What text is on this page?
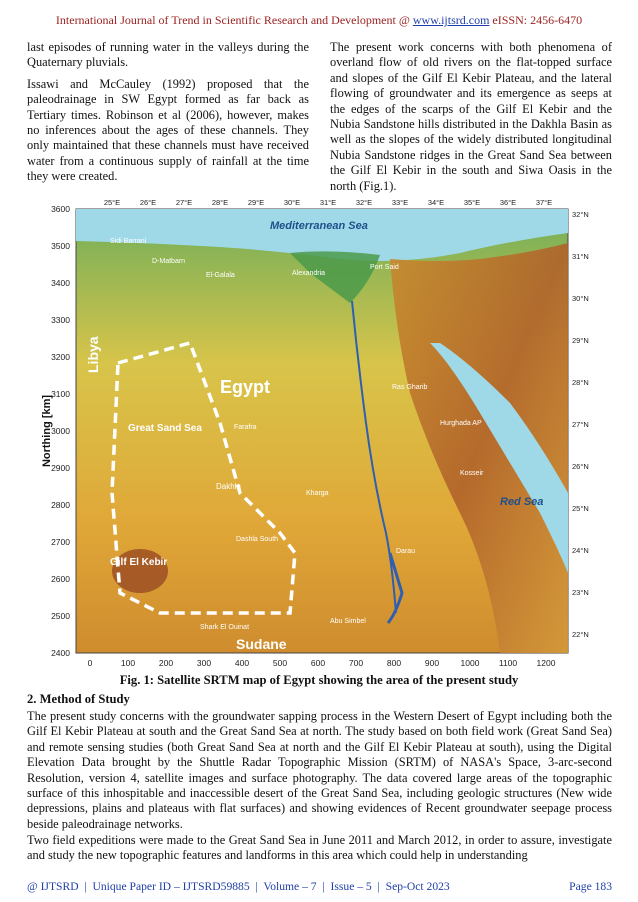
International Journal of Trend in Scientific Research and Development @ www.ijtsrd.com eISSN: 2456-6470

last episodes of running water in the valleys during the Quaternary pluvials.

Issawi and McCauley (1992) proposed that the paleodrainage in SW Egypt formed as far back as Tertiary times. Robinson et al (2006), however, makes no inferences about the ages of these channels. They only maintained that these channels must have received water from a continuous supply of rainfall at the time they were created.

The present work concerns with both phenomena of overland flow of old rivers on the flat-topped surface and slopes of the Gilf El Kebir Plateau, and the lateral flowing of groundwater and its emergence as seeps at the edges of the scarps of the Gilf El Kebir and the Nubia Sandstone hills distributed in the Dakhla Basin as well as the slopes of the widely distributed longitudinal Nubia Sandstone ridges in the Great Sand Sea between the Gilf El Kebir in the south and Siwa Oasis in the north (Fig.1).

3600
3500
3400
3300
3200
3100
3000
2900
2800
2700
2600
2500
2400
Northing [km]
0	100	200	300	400	500	600	700	800	900	1000 1100 1200
25°E	26°E	27°E	28°E	29°E	30°E	31°E	32°E	33°E	34°E	35°E	36°E	37°E
32°N
31°N
30°N
29°N
28°N
27°N
26°N
25°N
24°N
23°N
22°N
Mediterranean Sea
Red Sea
Egypt
Libya
Sudane
Great Sand Sea
Gilf El Kebir
Dakhla
Farafra
Kharga
Alexandria
Port Said
El-Galala
D-Matbarn
Sidi Barrani
Darau
Abu Simbel
Shark El Ouinat
Dashla South
Hurghada AP
Ras Gharib
Kosseir
Fig. 1: Satellite SRTM map of Egypt showing the area of the present study
2. Method of Study
The present study concerns with the groundwater sapping process in the Western Desert of Egypt including both the Gilf El Kebir Plateau at south and the Great Sand Sea at north. The study based on both field work (Great Sand Sea) and remote sensing studies (both Great Sand Sea at north and the Gilf El Kebir Plateau at south), using the Digital Elevation Data brought by the Shuttle Radar Topographic Mission (SRTM) of NASA's Space, 3-arc-second Resolution, version 4, satellite images and surface photography. The data covered large areas of the topographic surface of this inhospitable and inaccessible desert of the Great Sand Sea, including geologic structures (New wide depressions, plains and plateaus with flat surfaces) and showing evidences of Recent groundwater seepage process beside paleodrainage networks.
Two field expeditions were made to the Great Sand Sea in June 2011 and March 2012, in order to assure, investigate and study the new topographic features and landforms in this area which could help in understanding
@ IJTSRD  |  Unique Paper ID – IJTSRD59885  |  Volume – 7  |  Issue – 5  |  Sep-Oct 2023	Page 183
